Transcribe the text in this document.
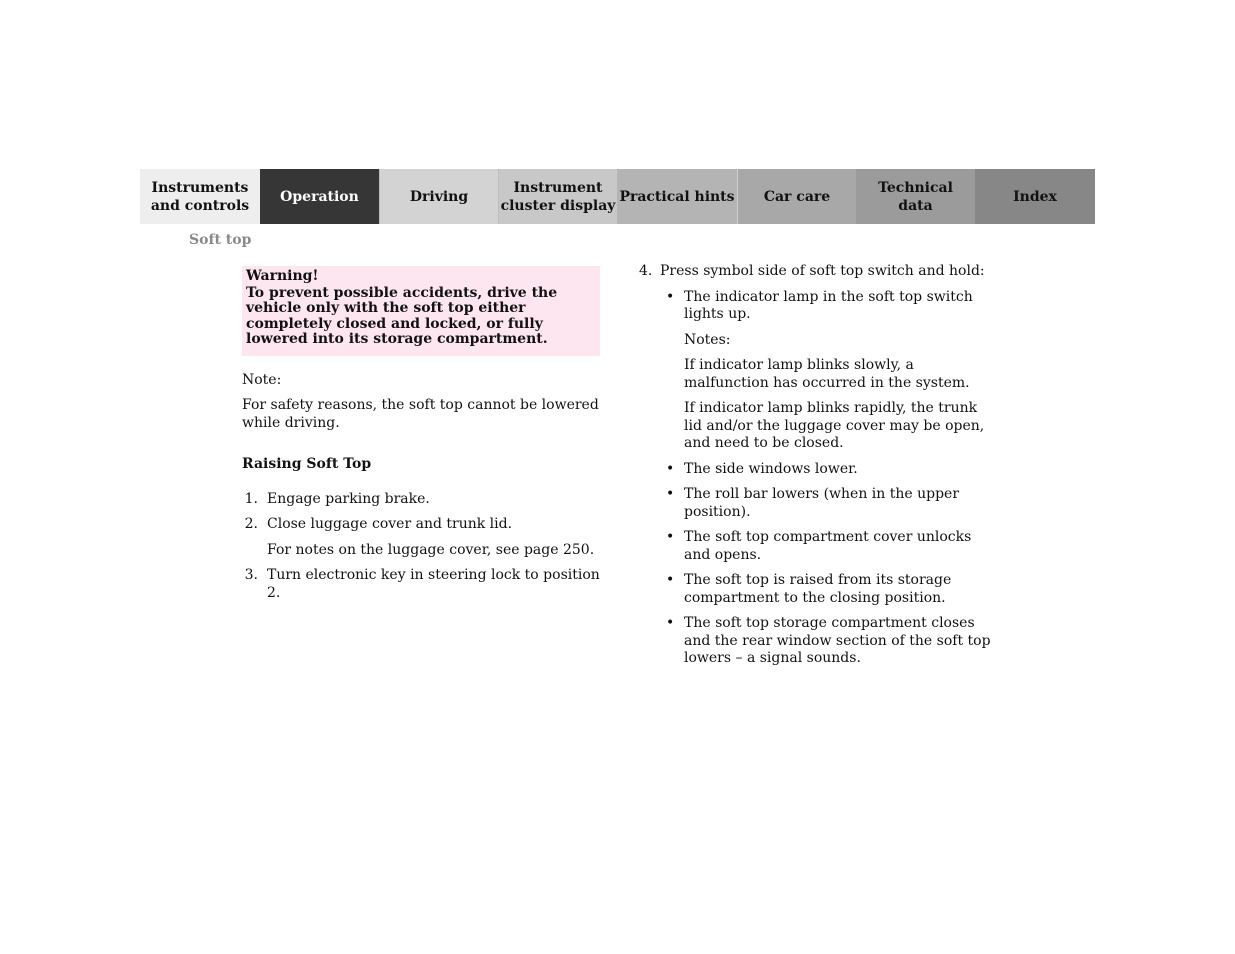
Instruments
and controls
Operation	Driving
Instrument
cluster display
Practical hints Car care
Technical
data
Index
Soft top

Warning!

To prevent possible accidents, drive the vehicle only with the soft top either completely closed and locked, or fully lowered into its storage compartment.

Note:

For safety reasons, the soft top cannot be lowered while driving.

Raising Soft Top

1. Engage parking brake.
2. Close luggage cover and trunk lid.
For notes on the luggage cover, see page 250.
3. Turn electronic key in steering lock to position 2.
4. Press symbol side of soft top switch and hold:
• The indicator lamp in the soft top switch lights up.
Notes:
If indicator lamp blinks slowly, a malfunction has occurred in the system.
If indicator lamp blinks rapidly, the trunk lid and/or the luggage cover may be open, and need to be closed.
• The side windows lower.
• The roll bar lowers (when in the upper position).
• The soft top compartment cover unlocks and opens.
• The soft top is raised from its storage compartment to the closing position.
• The soft top storage compartment closes and the rear window section of the soft top lowers – a signal sounds.
